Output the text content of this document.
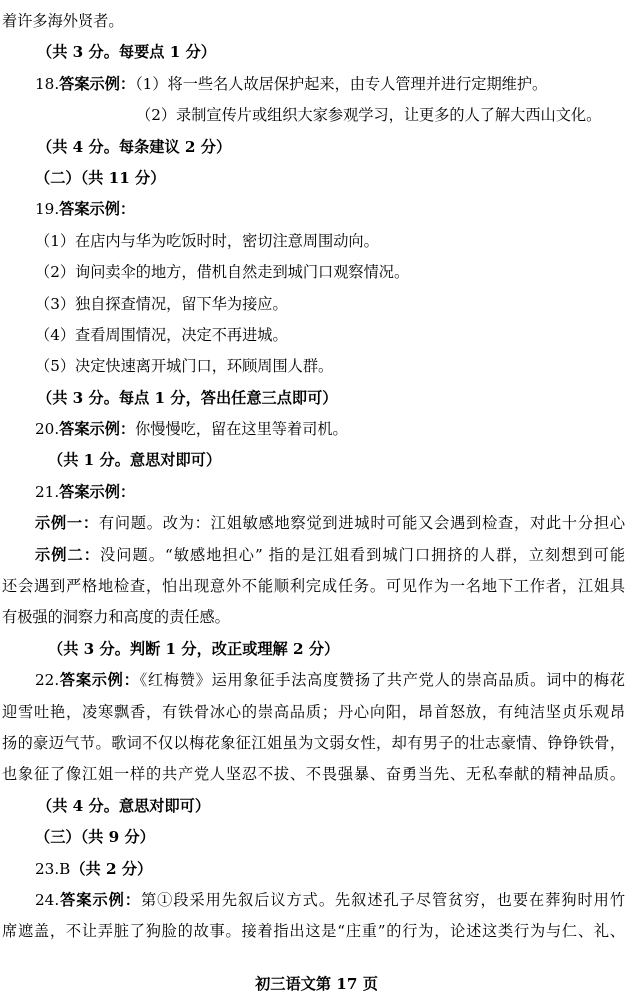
着许多海外贤者。
（共 3 分。每要点 1 分）
18.答案示例：（1）将一些名人故居保护起来，由专人管理并进行定期维护。
（2）录制宣传片或组织大家参观学习，让更多的人了解大西山文化。
（共 4 分。每条建议 2 分）
（二）（共 11 分）
19.答案示例：
（1）在店内与华为吃饭时时，密切注意周围动向。
（2）询问卖伞的地方，借机自然走到城门口观察情况。
（3）独自探查情况，留下华为接应。
（4）查看周围情况，决定不再进城。
（5）决定快速离开城门口，环顾周围人群。
（共 3 分。每点 1 分，答出任意三点即可）
20.答案示例：你慢慢吃，留在这里等着司机。
（共 1 分。意思对即可）
21.答案示例：
示例一：有问题。改为：江姐敏感地察觉到进城时可能又会遇到检查，对此十分担心
示例二：没问题。“敏感地担心” 指的是江姐看到城门口拥挤的人群，立刻想到可能
还会遇到严格地检查，怕出现意外不能顺利完成任务。可见作为一名地下工作者，江姐具
有极强的洞察力和高度的责任感。
（共 3 分。判断 1 分，改正或理解 2 分）
22.答案示例：《红梅赞》运用象征手法高度赞扬了共产党人的崇高品质。词中的梅花
迎雪吐艳，凌寒飘香，有铁骨冰心的崇高品质；丹心向阳，昂首怒放，有纯洁坚贞乐观昂
扬的豪迈气节。歌词不仅以梅花象征江姐虽为文弱女性，却有男子的壮志豪情、铮铮铁骨，
也象征了像江姐一样的共产党人坚忍不拔、不畏强暴、奋勇当先、无私奉献的精神品质。
（共 4 分。意思对即可）
（三）（共 9 分）
23.B（共 2 分）
24.答案示例：第①段采用先叙后议方式。先叙述孔子尽管贫穷，也要在葬狗时用竹
席遮盖，不让弄脏了狗脸的故事。接着指出这是“庄重”的行为，论述这类行为与仁、礼、
初三语文第 17 页
